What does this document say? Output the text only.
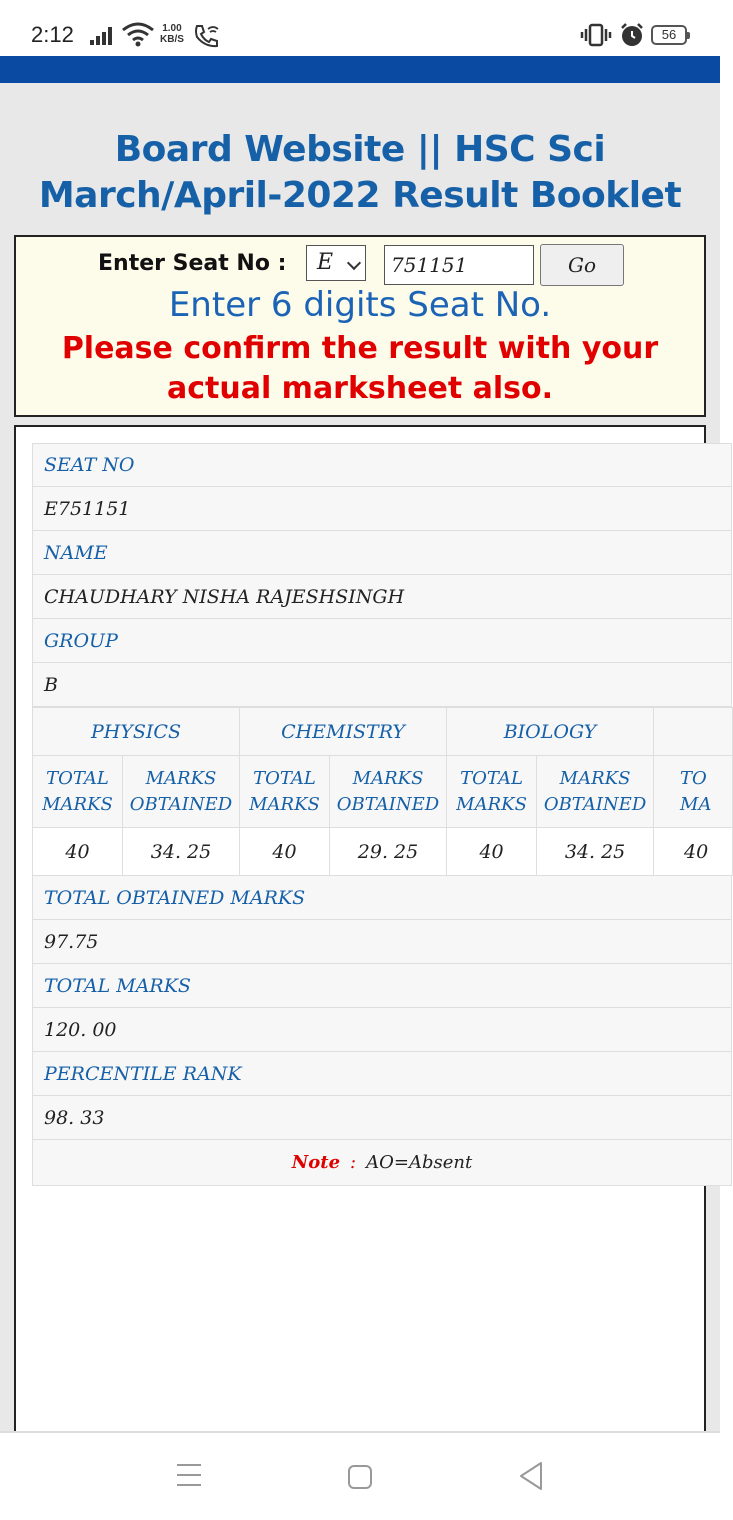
2:12	1.00
KB/S	56
Board Website || HSC Sci
March/April-2022 Result Booklet
Enter Seat No :	E
751151	Go
Enter 6 digits Seat No.
Please confirm the result with your actual marksheet also.
SEAT NO
E751151
NAME
CHAUDHARY NISHA RAJESHSINGH
GROUP
B
PHYSICS		CHEMISTRY		BIOLOGY		
TOTAL MARKS	MARKS OBTAINED	TOTAL MARKS	MARKS OBTAINED	TOTAL MARKS	MARKS OBTAINED	TO MA
40	34. 25	40	29. 25	40	34. 25	40
TOTAL OBTAINED MARKS
97.75
TOTAL MARKS
120. 00
PERCENTILE RANK
98. 33
Note : AO=Absent
